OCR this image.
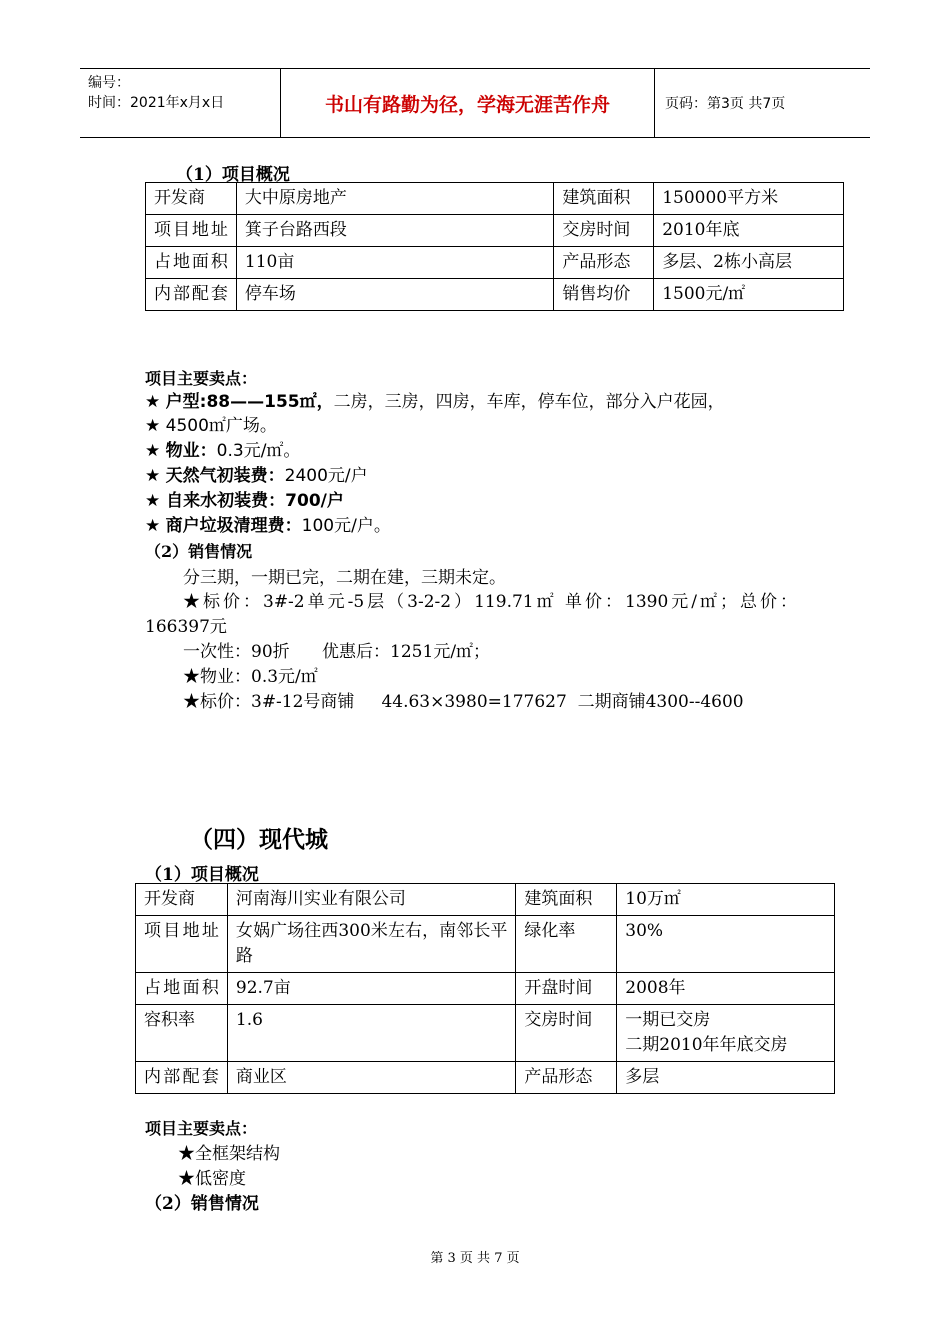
编号：
时间：2021年x月x日	书山有路勤为径，学海无涯苦作舟	页码：第3页 共7页
（1）项目概况
开发商	大中原房地产	建筑面积	150000平方米
项目地址	箕子台路西段	交房时间	2010年底
占地面积	110亩	产品形态	多层、2栋小高层
内部配套	停车场	销售均价	1500元/㎡
项目主要卖点：
★ 户型:88——155㎡，二房，三房，四房，车库，停车位，部分入户花园，
★ 4500㎡广场。
★ 物业：0.3元/㎡。
★ 天然气初装费：2400元/户
★ 自来水初装费：700/户
★ 商户垃圾清理费：100元/户。
（2）销售情况
分三期，一期已完，二期在建，三期未定。
★标价：3#-2单元-5层（3-2-2）119.71㎡ 单价：1390元/㎡；总价：
166397元
一次性：90折      优惠后：1251元/㎡；
★物业：0.3元/㎡
★标价：3#-12号商铺     44.63×3980=177627  二期商铺4300--4600
（四）现代城
（1）项目概况
开发商	河南海川实业有限公司	建筑面积	10万㎡
项目地址	女娲广场往西300米左右，南邻长平路	绿化率	30%
占地面积	92.7亩	开盘时间	2008年
容积率	1.6	交房时间	一期已交房
二期2010年年底交房
内部配套	商业区	产品形态	多层
项目主要卖点：
★全框架结构
★低密度
（2）销售情况
第 3 页 共 7 页
